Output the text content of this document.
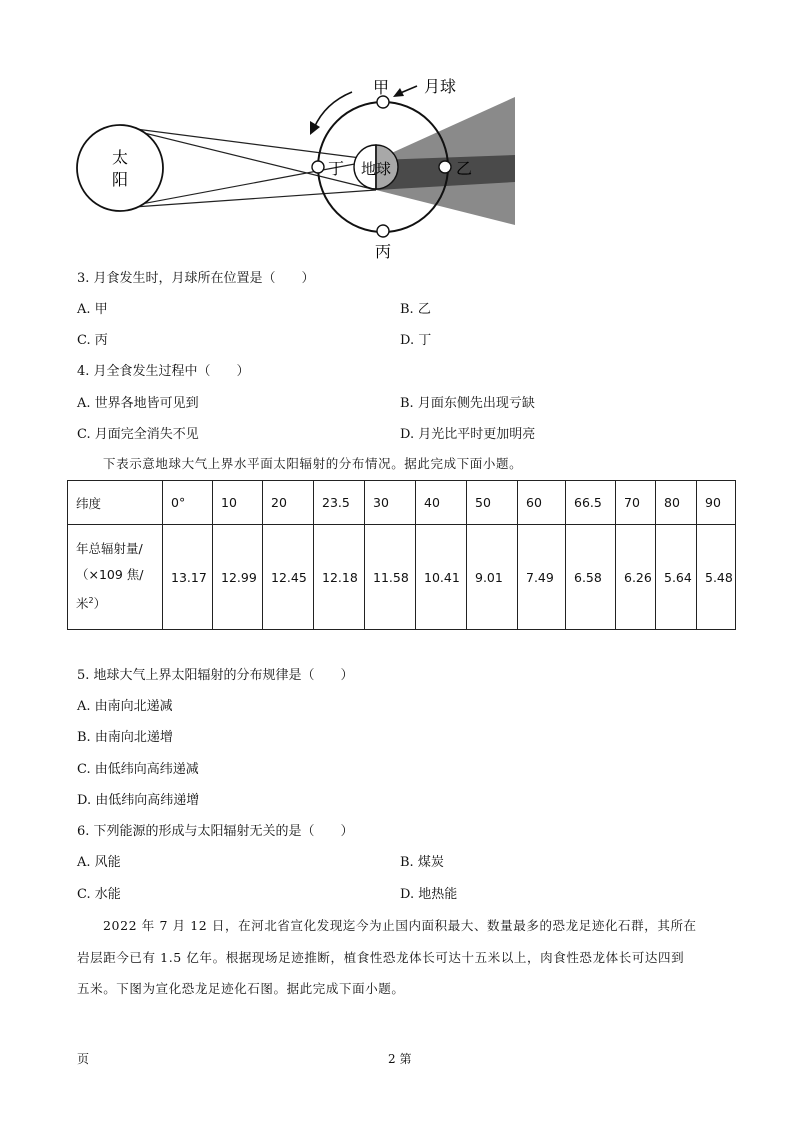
太
阳
地球
月球
甲
乙
丙
丁
3. 月食发生时，月球所在位置是（　　）
A. 甲	B. 乙
C. 丙	D. 丁
4. 月全食发生过程中（　　）
A. 世界各地皆可见到	B. 月面东侧先出现亏缺
C. 月面完全消失不见	D. 月光比平时更加明亮
下表示意地球大气上界水平面太阳辐射的分布情况。据此完成下面小题。
纬度	0°	10	20	23.5	30	40	50	60	66.5	70	80	90

年总辐射量/
（×109 焦/
米$^2$）	13.17	12.99	12.45	12.18	11.58	10.41	9.01	7.49	6.58	6.26	5.64	5.48
5. 地球大气上界太阳辐射的分布规律是（　　）
A. 由南向北递减
B. 由南向北递增
C. 由低纬向高纬递减
D. 由低纬向高纬递增
6. 下列能源的形成与太阳辐射无关的是（　　）
A. 风能	B. 煤炭
C. 水能	D. 地热能
2022 年 7 月 12 日，在河北省宣化发现迄今为止国内面积最大、数量最多的恐龙足迹化石群，其所在
岩层距今已有 1.5 亿年。根据现场足迹推断，植食性恐龙体长可达十五米以上，肉食性恐龙体长可达四到
五米。下图为宣化恐龙足迹化石图。据此完成下面小题。
页	2 第
